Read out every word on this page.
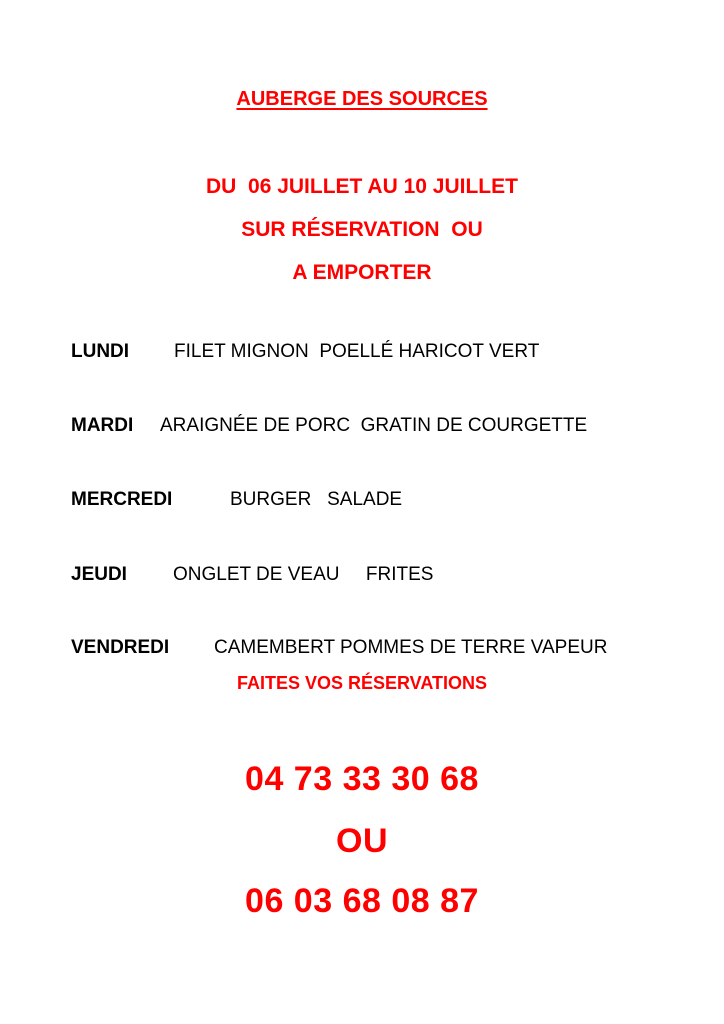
AUBERGE DES SOURCES
DU  06 JUILLET AU 10 JUILLET
SUR RÉSERVATION  OU
A EMPORTER

LUNDI

FILET MIGNON  POELLÉ HARICOT VERT

MARDI

ARAIGNÉE DE PORC  GRATIN DE COURGETTE

MERCREDI

	BURGER   SALADE

JEUDI

ONGLET DE VEAU     FRITES

VENDREDI

CAMEMBERT POMMES DE TERRE VAPEUR

FAITES VOS RÉSERVATIONS
04 73 33 30 68
OU
06 03 68 08 87
